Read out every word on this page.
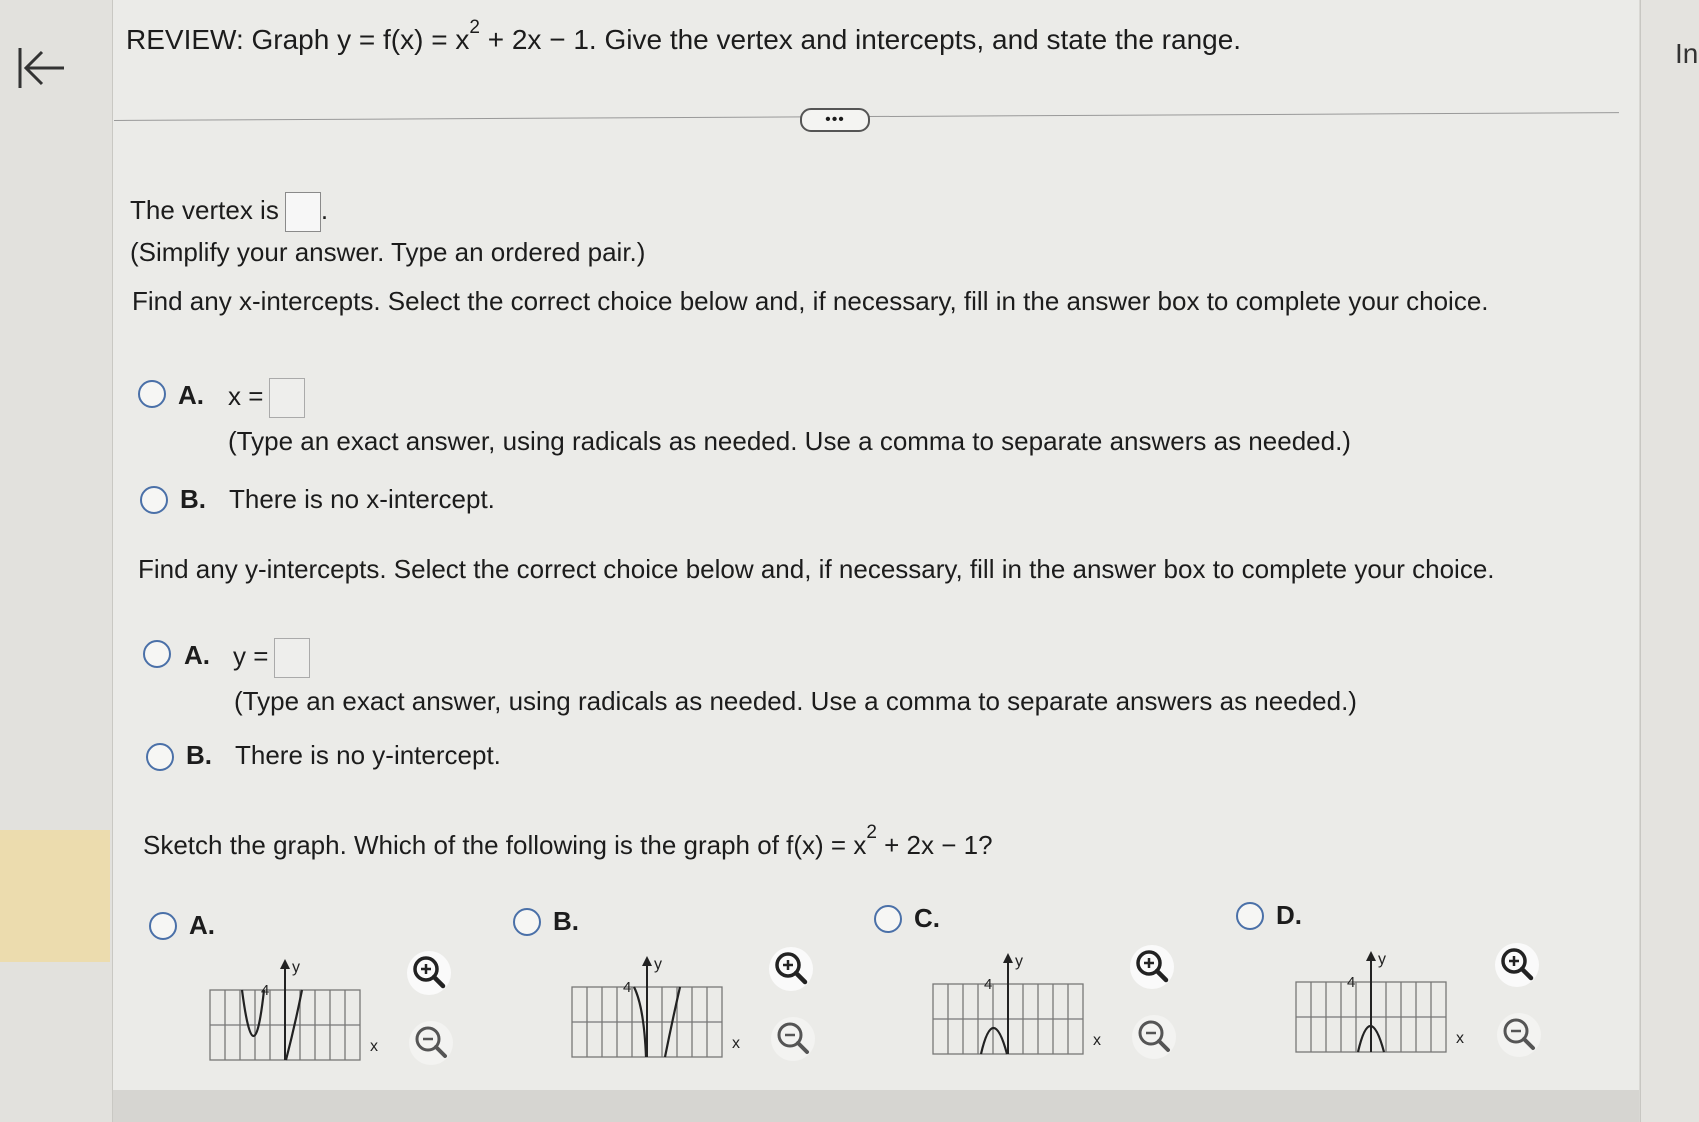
In
REVIEW: Graph $y = f(x) = x^2 + 2x - 1$. Give the vertex and intercepts, and state the range.
•••
The vertex is .
(Simplify your answer. Type an ordered pair.)
Find any x-intercepts. Select the correct choice below and, if necessary, fill in the answer box to complete your choice.
A. x =
(Type an exact answer, using radicals as needed. Use a comma to separate answers as needed.)
B. There is no x-intercept.
Find any y-intercepts. Select the correct choice below and, if necessary, fill in the answer box to complete your choice.
A. y =
(Type an exact answer, using radicals as needed. Use a comma to separate answers as needed.)
B. There is no y-intercept.
Sketch the graph. Which of the following is the graph of $f(x) = x^2 + 2x - 1$?
A.
y
4
x
B.
y
4
x
C.
y
4
x
D.
y
4
x
